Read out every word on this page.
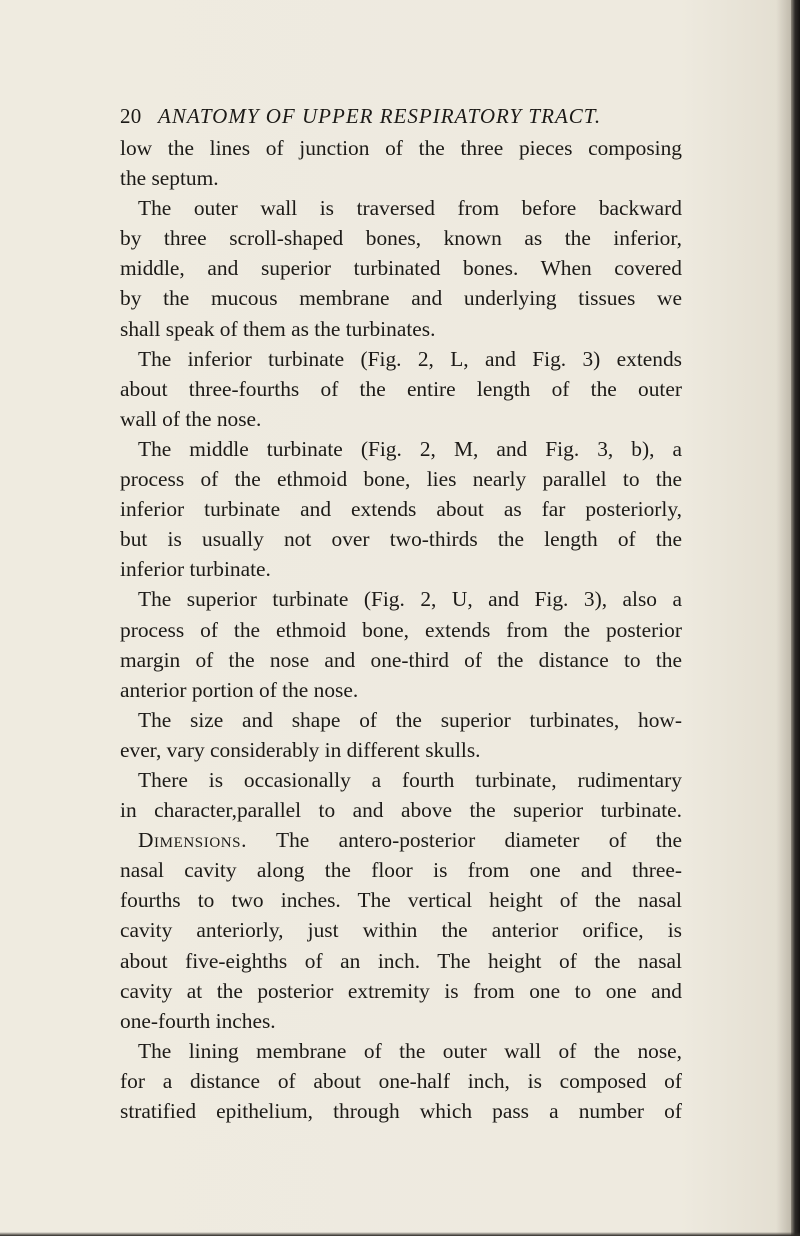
20 ANATOMY OF UPPER RESPIRATORY TRACT.
low the lines of junction of the three pieces composing
the septum.
The outer wall is traversed from before backward
by three scroll-shaped bones, known as the inferior,
middle, and superior turbinated bones. When covered
by the mucous membrane and underlying tissues we
shall speak of them as the turbinates.
The inferior turbinate (Fig. 2, L, and Fig. 3) extends
about three-fourths of the entire length of the outer
wall of the nose.
The middle turbinate (Fig. 2, M, and Fig. 3, b), a
process of the ethmoid bone, lies nearly parallel to the
inferior turbinate and extends about as far posteriorly,
but is usually not over two-thirds the length of the
inferior turbinate.
The superior turbinate (Fig. 2, U, and Fig. 3), also a
process of the ethmoid bone, extends from the posterior
margin of the nose and one-third of the distance to the
anterior portion of the nose.
The size and shape of the superior turbinates, how-
ever, vary considerably in different skulls.
There is occasionally a fourth turbinate, rudimentary
in character,parallel to and above the superior turbinate.
Dimensions. The antero-posterior diameter of the
nasal cavity along the floor is from one and three-
fourths to two inches. The vertical height of the nasal
cavity anteriorly, just within the anterior orifice, is
about five-eighths of an inch. The height of the nasal
cavity at the posterior extremity is from one to one and
one-fourth inches.
The lining membrane of the outer wall of the nose,
for a distance of about one-half inch, is composed of
stratified epithelium, through which pass a number of
